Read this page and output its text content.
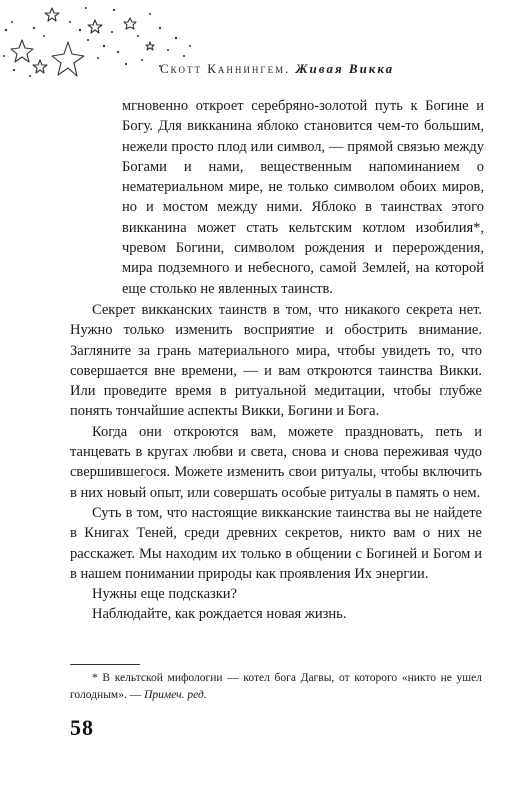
Скотт Каннингем. Живая Викка

мгновенно откроет серебряно-золотой путь к Богине и Богу. Для викканина яблоко становится чем-то большим, нежели просто плод или символ, — прямой связью между Богами и нами, вещественным напоминанием о нематериальном мире, не только символом обоих миров, но и мостом между ними. Яблоко в таинствах этого викканина может стать кельтским котлом изобилия*, чревом Богини, символом рождения и перерождения, мира подземного и небесного, самой Землей, на которой еще столько не явленных таинств.

Секрет викканских таинств в том, что никакого секрета нет. Нужно только изменить восприятие и обострить внимание. Загляните за грань материального мира, чтобы увидеть то, что совершается вне времени, — и вам откроются таинства Викки. Или проведите время в ритуальной медитации, чтобы глубже понять тончайшие аспекты Викки, Богини и Бога.

Когда они откроются вам, можете праздновать, петь и танцевать в кругах любви и света, снова и снова переживая чудо свершившегося. Можете изменить свои ритуалы, чтобы включить в них новый опыт, или совершать особые ритуалы в память о нем.

Суть в том, что настоящие викканские таинства вы не найдете в Книгах Теней, среди древних секретов, никто вам о них не расскажет. Мы находим их только в общении с Богиней и Богом и в нашем понимании природы как проявления Их энергии.

Нужны еще подсказки?

Наблюдайте, как рождается новая жизнь.

* В кельтской мифологии — котел бога Дагвы, от которого «никто не ушел голодным». — Примеч. ред.
58
